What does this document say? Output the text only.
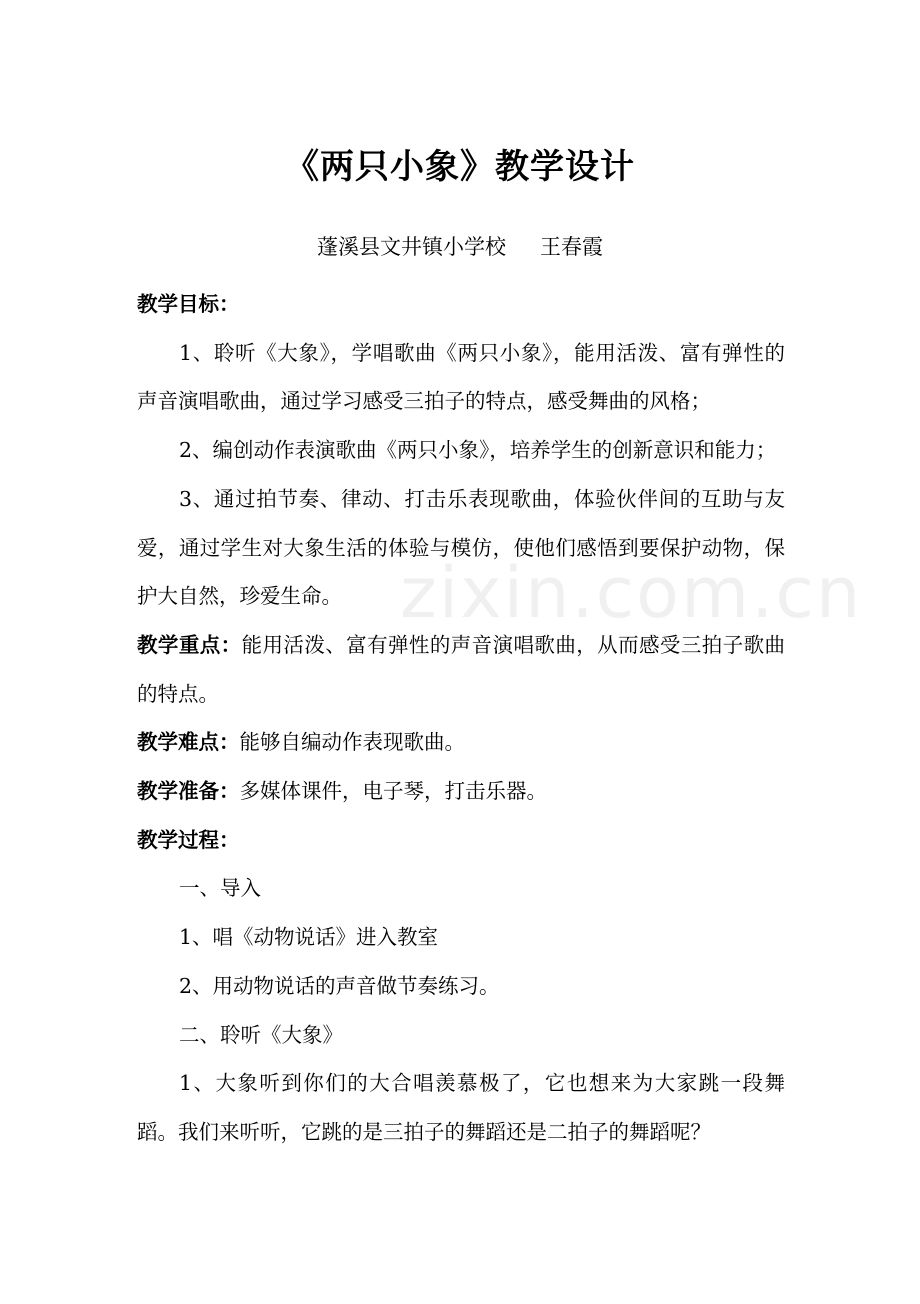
zixin.com.cn
《两只小象》教学设计
蓬溪县文井镇小学校 王春霞

教学目标：

1、聆听《大象》，学唱歌曲《两只小象》，能用活泼、富有弹性的声音演唱歌曲，通过学习感受三拍子的特点，感受舞曲的风格；

2、编创动作表演歌曲《两只小象》，培养学生的创新意识和能力；

3、通过拍节奏、律动、打击乐表现歌曲，体验伙伴间的互助与友爱，通过学生对大象生活的体验与模仿，使他们感悟到要保护动物，保护大自然，珍爱生命。

教学重点：能用活泼、富有弹性的声音演唱歌曲，从而感受三拍子歌曲的特点。

教学难点：能够自编动作表现歌曲。

教学准备：多媒体课件，电子琴，打击乐器。

教学过程：

一、导入

1、唱《动物说话》进入教室

2、用动物说话的声音做节奏练习。

二、聆听《大象》

1、大象听到你们的大合唱羡慕极了，它也想来为大家跳一段舞蹈。我们来听听，它跳的是三拍子的舞蹈还是二拍子的舞蹈呢？
